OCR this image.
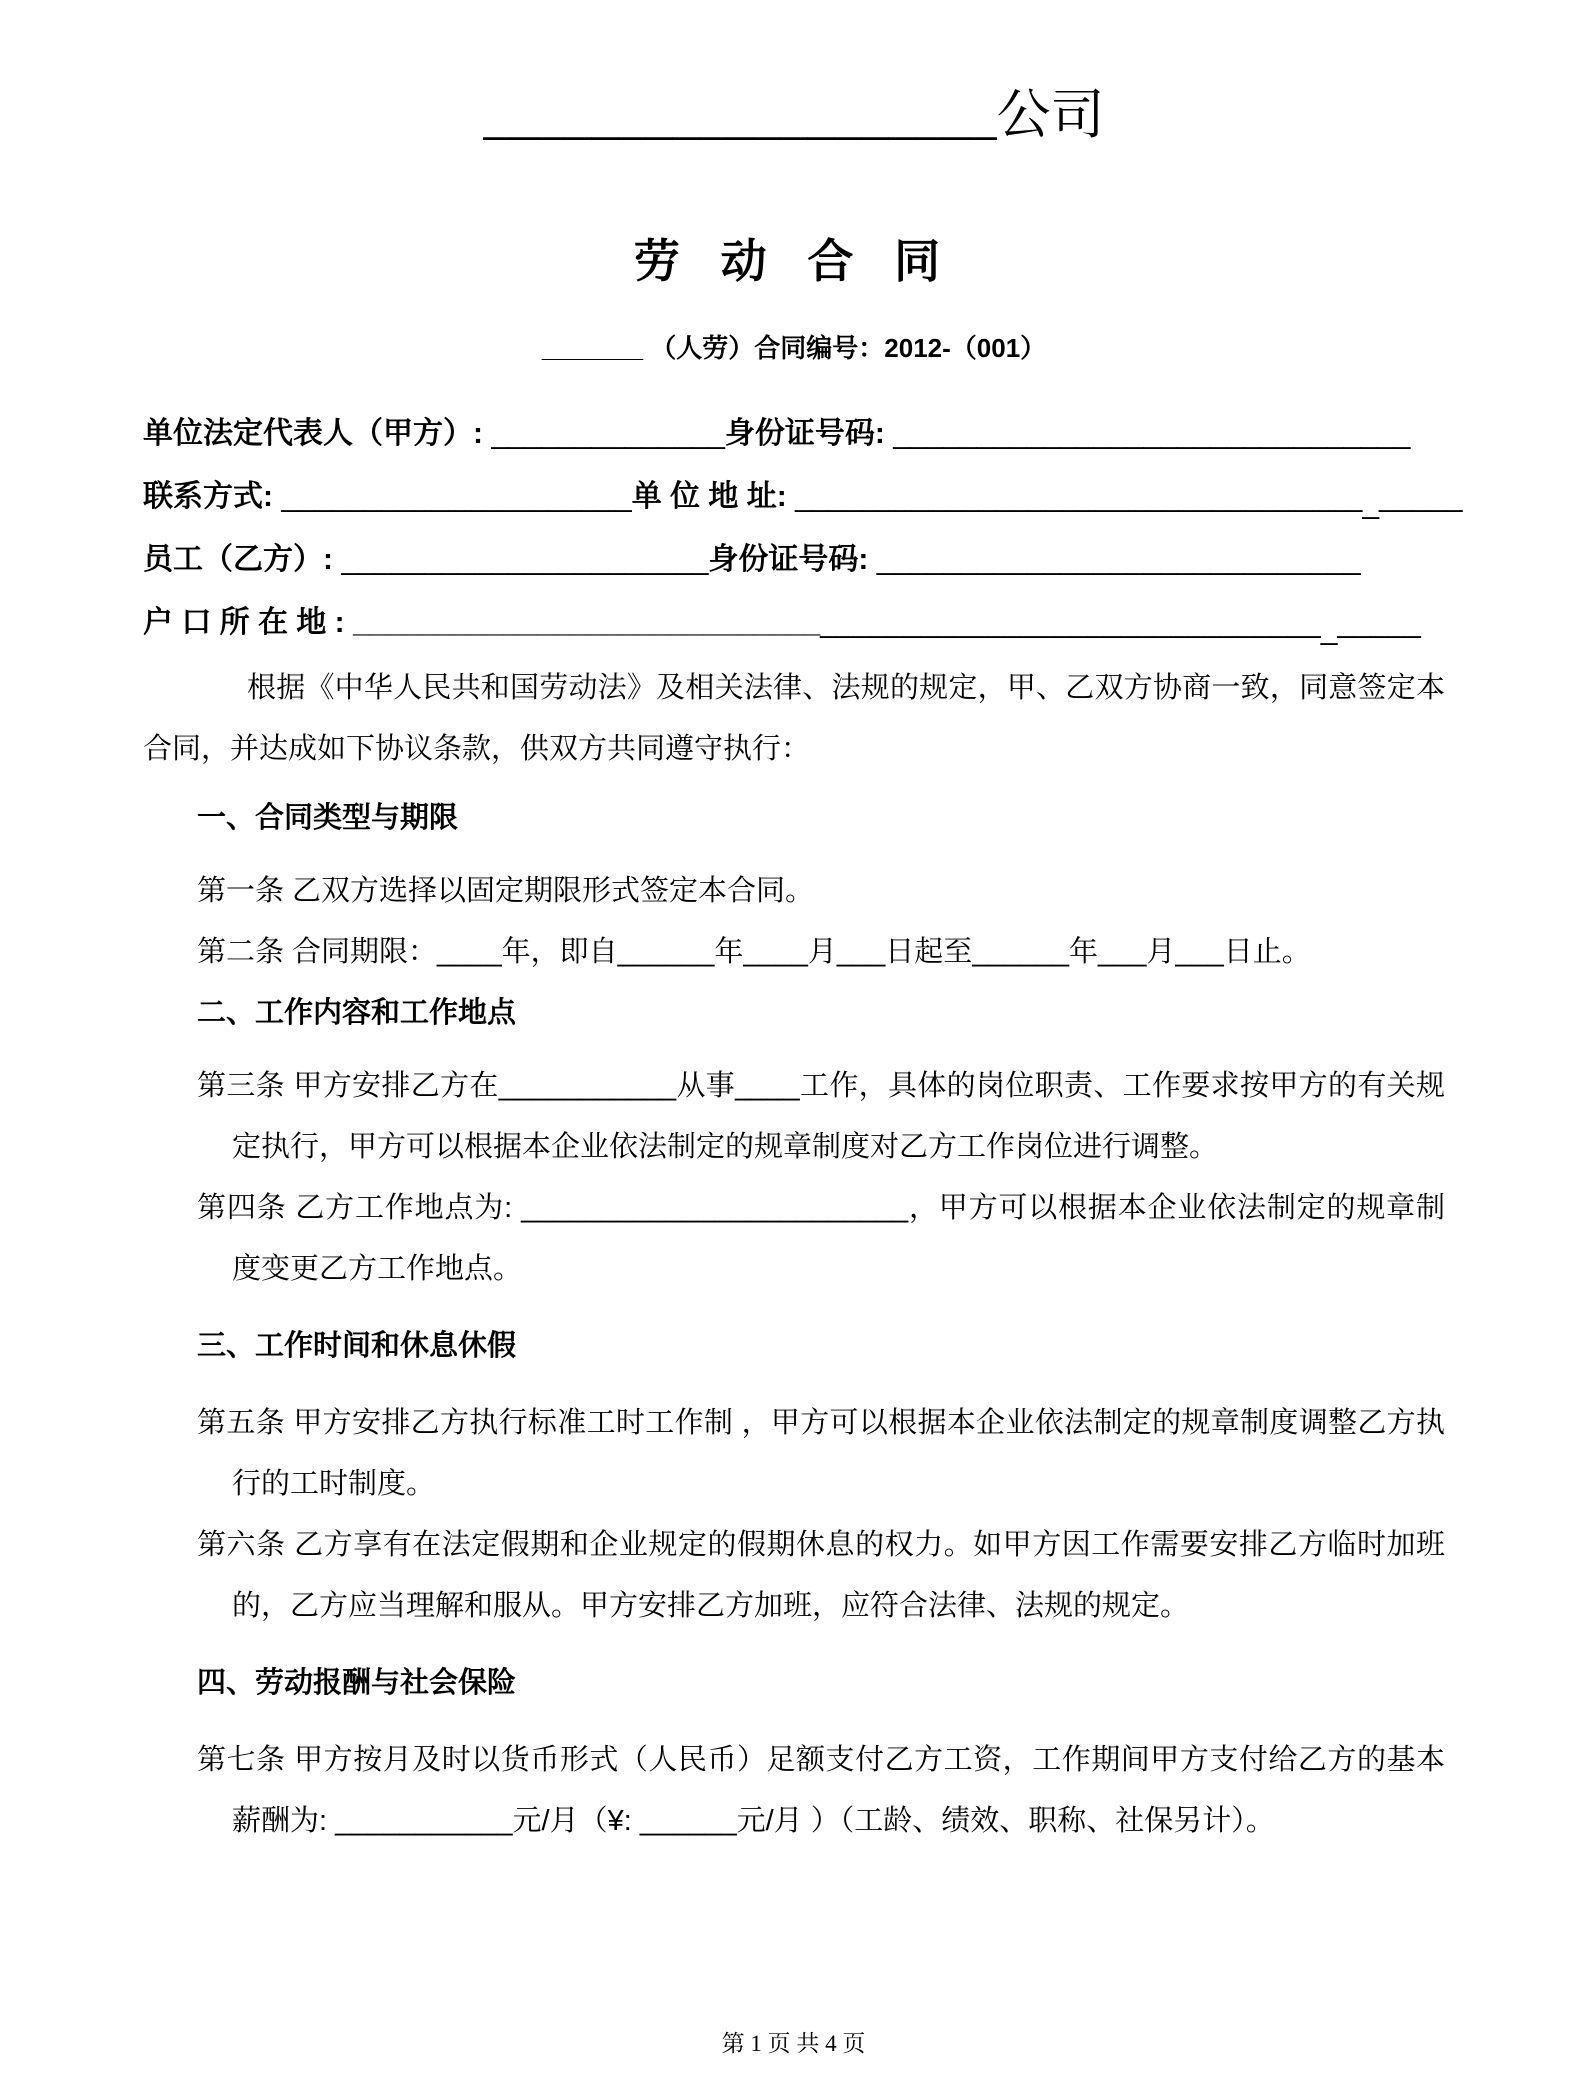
___________________公司
劳 动 合 同
_______ （人劳）合同编号：2012-（001）
单位法定代表人（甲方）: ______________身份证号码: _______________________________
联系方式: _____________________单 位 地 址: ________________________________________
员工（乙方）: ______________________身份证号码: _____________________________
户 口 所 在 地 : ________________________________________________________________
根据《中华人民共和国劳动法》及相关法律、法规的规定，甲、乙双方协商一致，同意签定本合同，并达成如下协议条款，供双方共同遵守执行：
一、合同类型与期限
第一条 乙双方选择以固定期限形式签定本合同。
第二条 合同期限：____年，即自______年____月___日起至______年___月___日止。
二、工作内容和工作地点
第三条 甲方安排乙方在___________从事____工作，具体的岗位职责、工作要求按甲方的有关规定执行，甲方可以根据本企业依法制定的规章制度对乙方工作岗位进行调整。
第四条 乙方工作地点为: ________________________，甲方可以根据本企业依法制定的规章制度变更乙方工作地点。
三、工作时间和休息休假
第五条 甲方安排乙方执行标准工时工作制 ，甲方可以根据本企业依法制定的规章制度调整乙方执行的工时制度。
第六条 乙方享有在法定假期和企业规定的假期休息的权力。如甲方因工作需要安排乙方临时加班的，乙方应当理解和服从。甲方安排乙方加班，应符合法律、法规的规定。
四、劳动报酬与社会保险
第七条 甲方按月及时以货币形式（人民币）足额支付乙方工资，工作期间甲方支付给乙方的基本薪酬为: ___________元/月（¥: ______元/月 ）（工龄、绩效、职称、社保另计）。
第 1 页 共 4 页
